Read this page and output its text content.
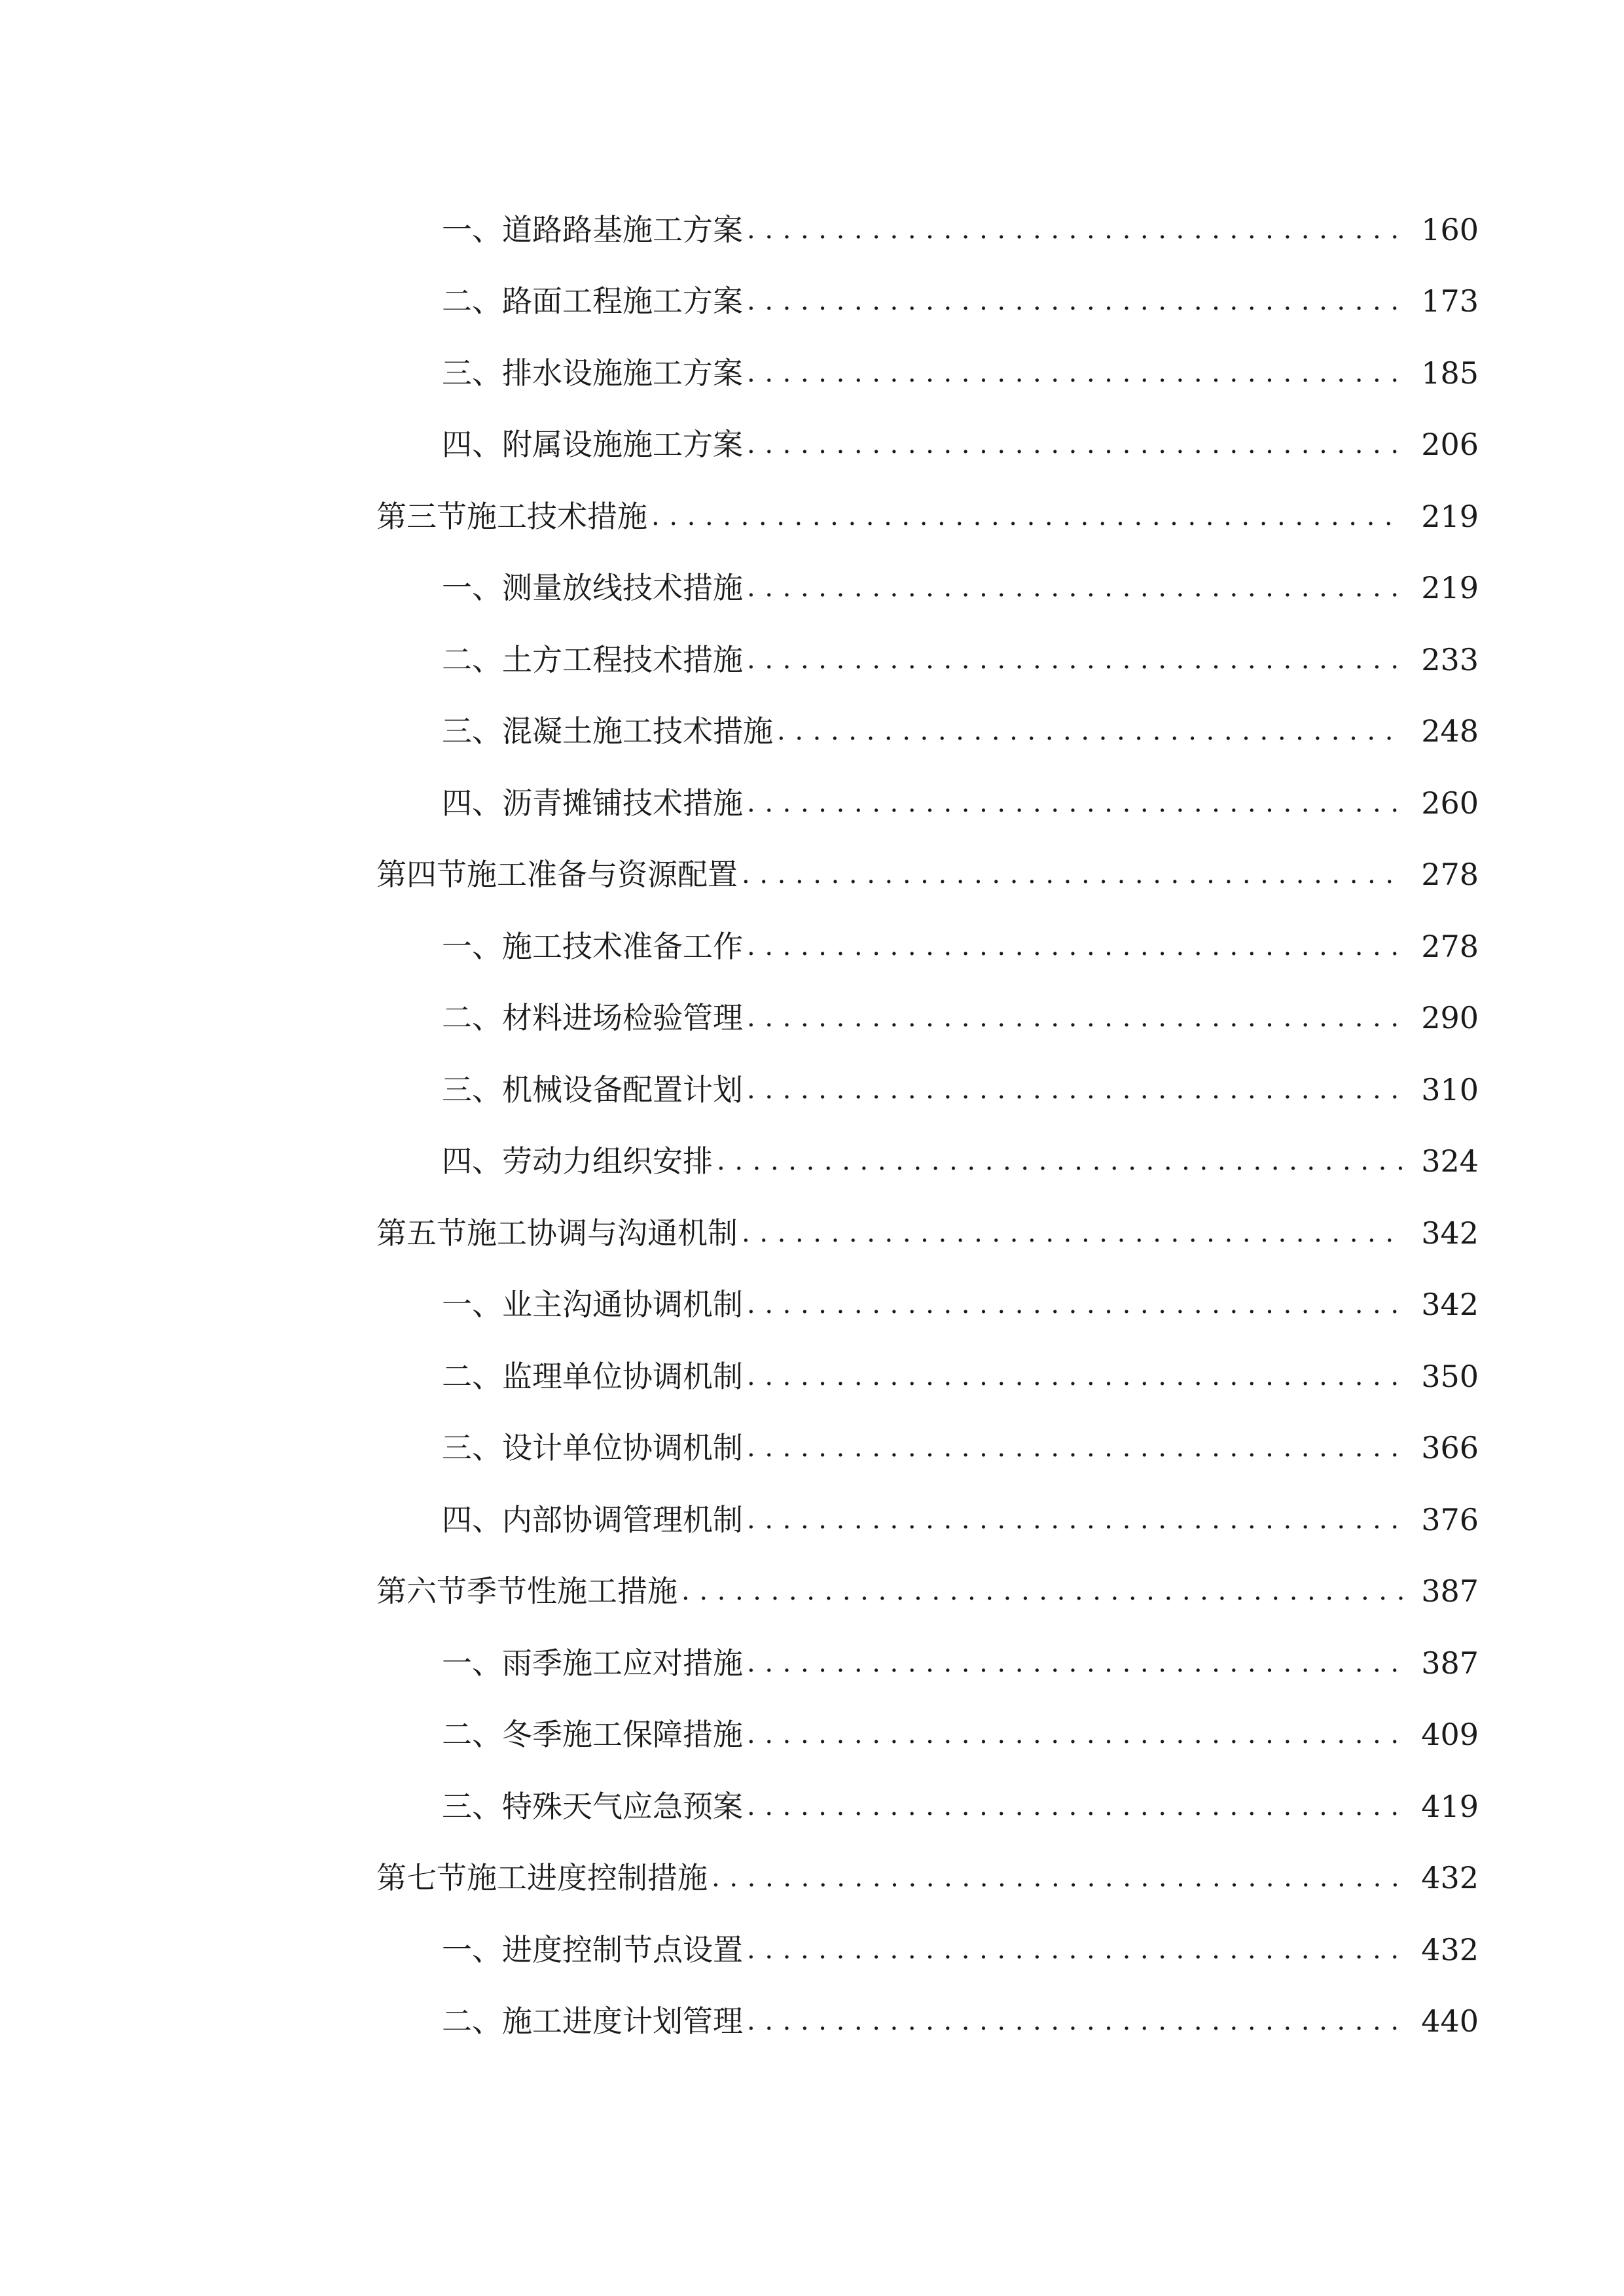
一、 道路路基施工方案 .....	160
二、 路面工程施工方案 .....	173
三、 排水设施施工方案 .....	185
四、 附属设施施工方案 .....	206
第三节 施工技术措施 .....	219
一、 测量放线技术措施 .....	219
二、 土方工程技术措施 .....	233
三、 混凝土施工技术措施 .....	248
四、 沥青摊铺技术措施 .....	260
第四节 施工准备与资源配置 .....	278
一、 施工技术准备工作 .....	278
二、 材料进场检验管理 .....	290
三、 机械设备配置计划 .....	310
四、 劳动力组织安排 .....	324
第五节 施工协调与沟通机制 .....	342
一、 业主沟通协调机制 .....	342
二、 监理单位协调机制 .....	350
三、 设计单位协调机制 .....	366
四、 内部协调管理机制 .....	376
第六节 季节性施工措施 .....	387
一、 雨季施工应对措施 .....	387
二、 冬季施工保障措施 .....	409
三、 特殊天气应急预案 .....	419
第七节 施工进度控制措施 .....	432
一、 进度控制节点设置 .....	432
二、 施工进度计划管理 .....	440
